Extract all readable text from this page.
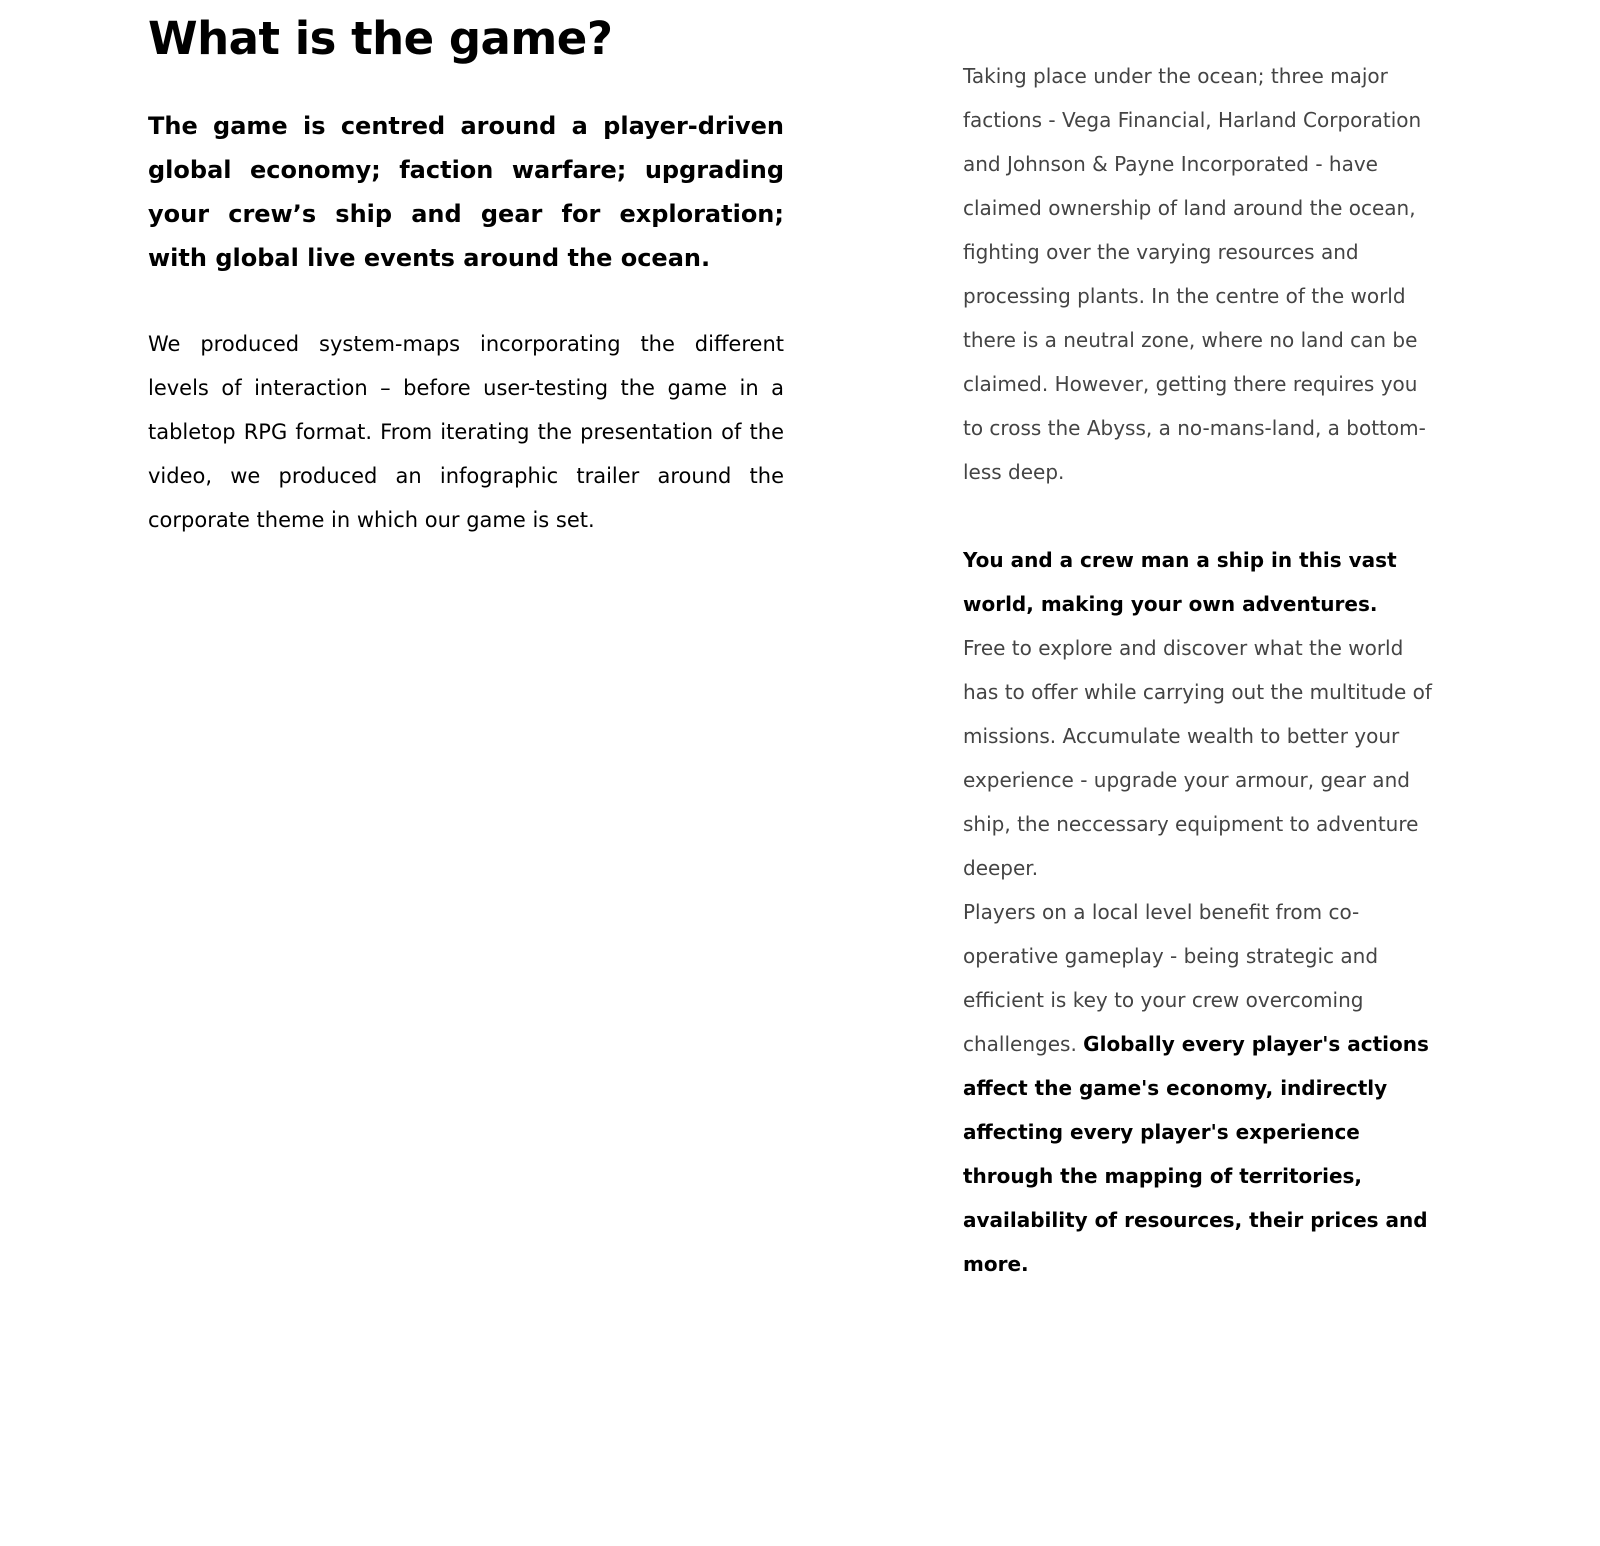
What is the game?

The game is centred around a player-driven global economy; faction warfare; upgrading your crew’s ship and gear for exploration; with global live events around the ocean.

We produced system-maps incorporating the different levels of interaction – before user-testing the game in a tabletop RPG format. From iterating the presentation of the video, we produced an infographic trailer around the corporate theme in which our game is set.

Taking place under the ocean; three major factions - Vega Financial, Harland Corporation and Johnson & Payne Incorporated - have claimed ownership of land around the ocean, fighting over the varying resources and processing plants. In the centre of the world there is a neutral zone, where no land can be claimed. However, getting there requires you to cross the Abyss, a no-mans-land, a bottom-less deep.

You and a crew man a ship in this vast world, making your own adventures.

Free to explore and discover what the world has to offer while carrying out the multitude of missions. Accumulate wealth to better your experience - upgrade your armour, gear and ship, the neccessary equipment to adventure deeper.

Players on a local level benefit from co-operative gameplay - being strategic and efficient is key to your crew overcoming challenges. Globally every player's actions affect the game's economy, indirectly affecting every player's experience through the mapping of territories, availability of resources, their prices and more.
